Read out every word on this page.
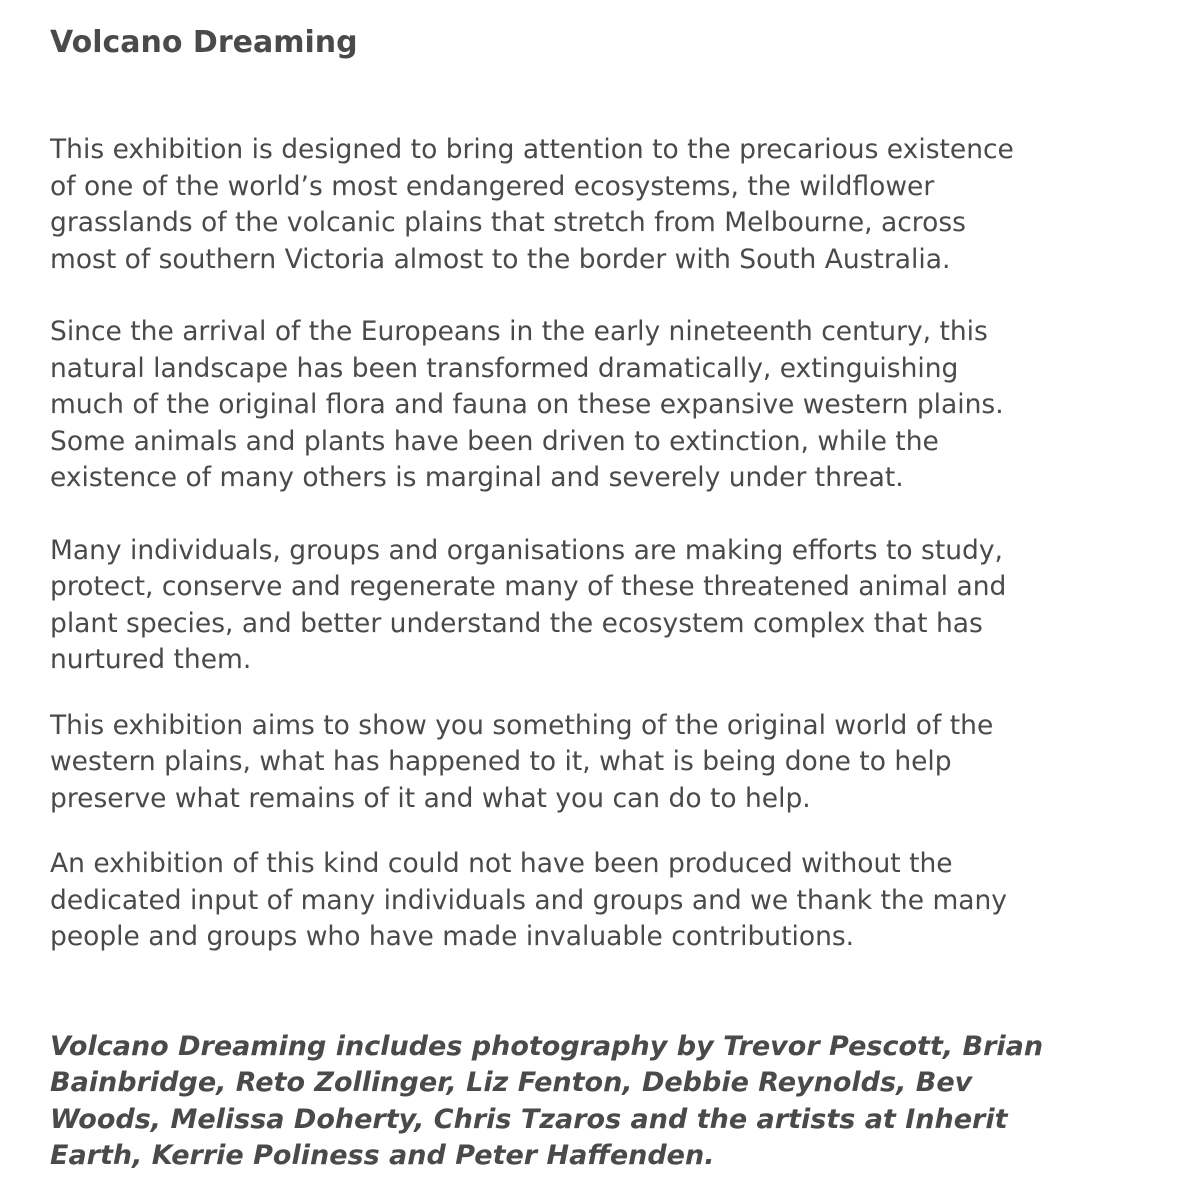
Volcano Dreaming

This exhibition is designed to bring attention to the precarious existence
of one of the world’s most endangered ecosystems, the wildflower
grasslands of the volcanic plains that stretch from Melbourne, across
most of southern Victoria almost to the border with South Australia.

Since the arrival of the Europeans in the early nineteenth century, this
natural landscape has been transformed dramatically, extinguishing
much of the original flora and fauna on these expansive western plains.
Some animals and plants have been driven to extinction, while the
existence of many others is marginal and severely under threat.

Many individuals, groups and organisations are making efforts to study,
protect, conserve and regenerate many of these threatened animal and
plant species, and better understand the ecosystem complex that has
nurtured them.

This exhibition aims to show you something of the original world of the
western plains, what has happened to it, what is being done to help
preserve what remains of it and what you can do to help.

An exhibition of this kind could not have been produced without the
dedicated input of many individuals and groups and we thank the many
people and groups who have made invaluable contributions.

Volcano Dreaming includes photography by Trevor Pescott, Brian
Bainbridge, Reto Zollinger, Liz Fenton, Debbie Reynolds, Bev
Woods, Melissa Doherty, Chris Tzaros and the artists at Inherit
Earth, Kerrie Poliness and Peter Haffenden.
